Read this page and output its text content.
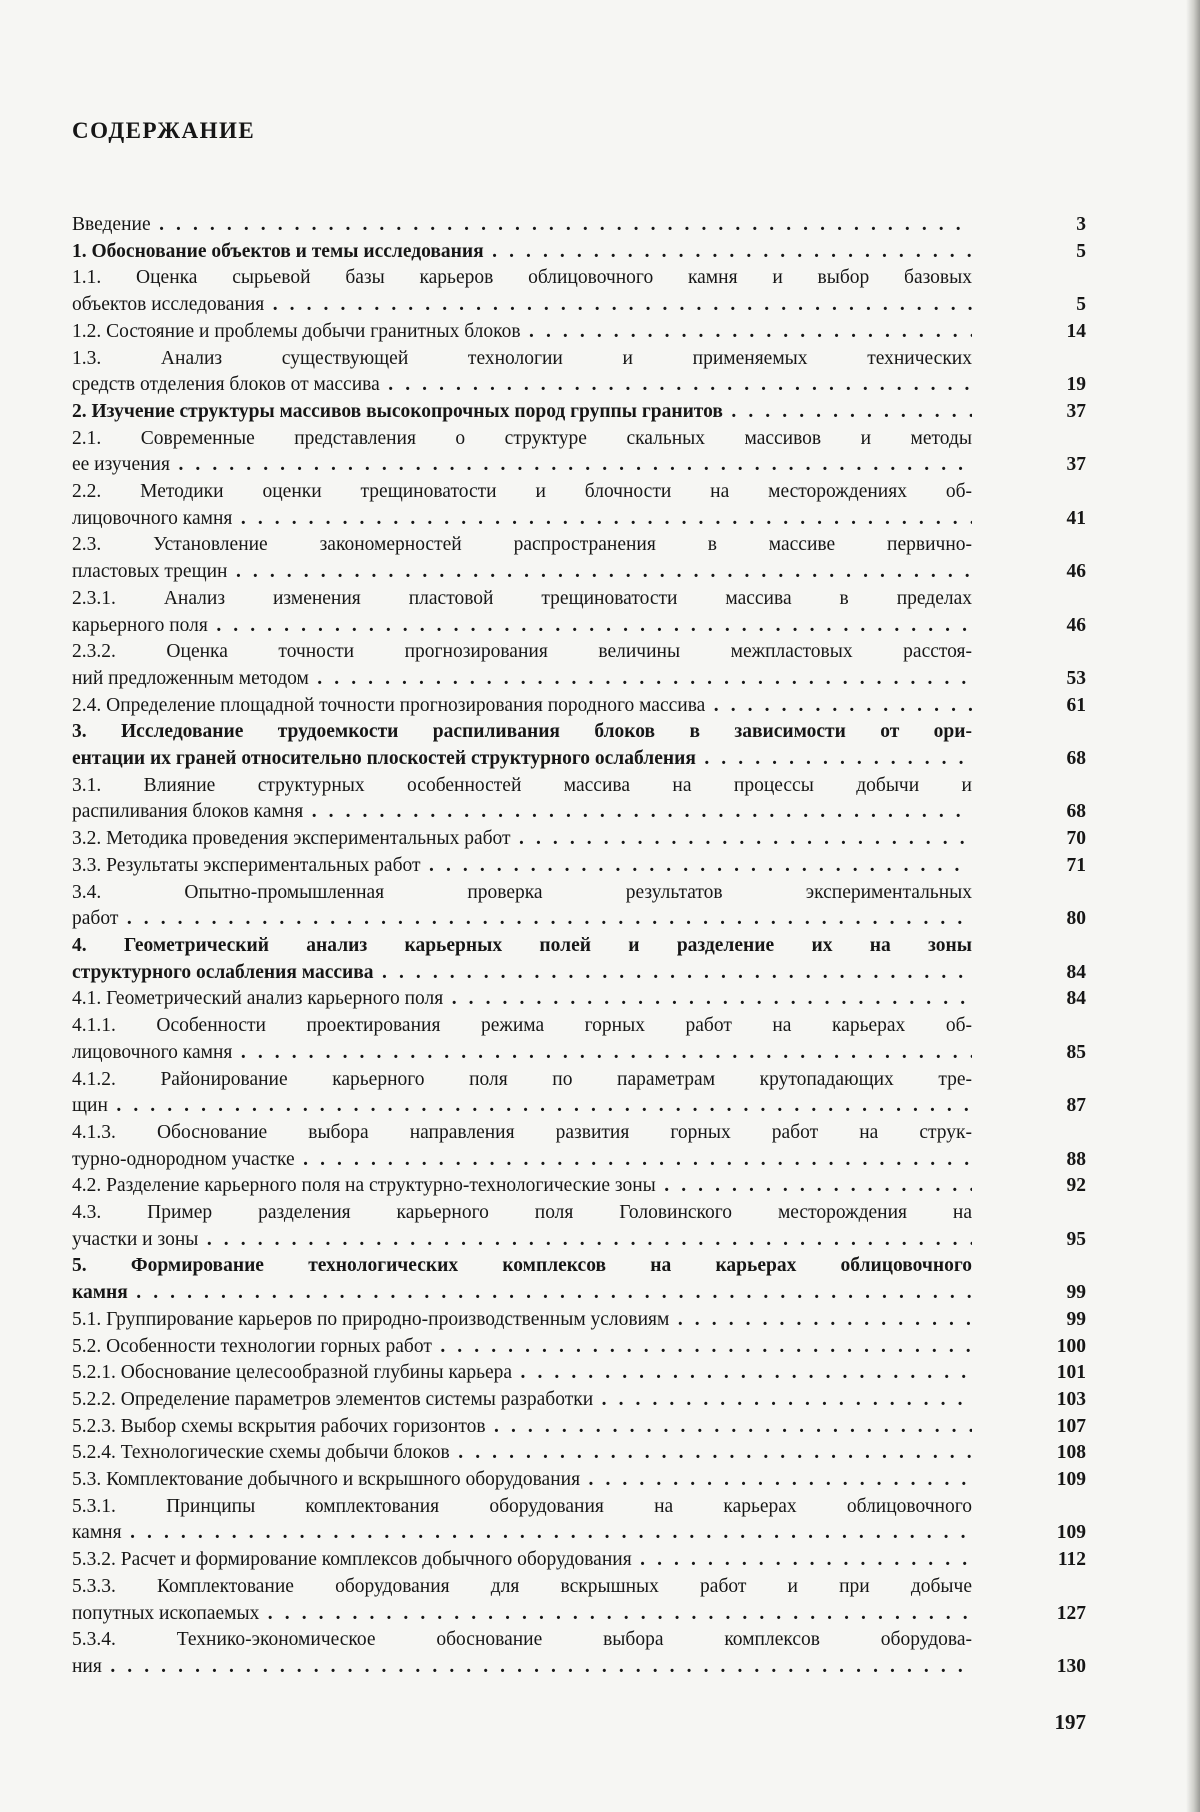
СОДЕРЖАНИЕ
Введение . . .	3
1. Обоснование объектов и темы исследования . . .	5
1.1. Оценка сырьевой базы карьеров облицовочного камня и выбор базовых
объектов исследования . . .	5
1.2. Состояние и проблемы добычи гранитных блоков . . .	14
1.3. Анализ существующей технологии и применяемых технических
средств отделения блоков от массива . . .	19
2. Изучение структуры массивов высокопрочных пород группы гранитов . . .	37
2.1. Современные представления о структуре скальных массивов и методы
ее изучения . . .	37
2.2. Методики оценки трещиноватости и блочности на месторождениях об-
лицовочного камня . . .	41
2.3. Установление закономерностей распространения в массиве первично-
пластовых трещин . . .	46
2.3.1. Анализ изменения пластовой трещиноватости массива в пределах
карьерного поля . . .	46
2.3.2. Оценка точности прогнозирования величины межпластовых расстоя-
ний предложенным методом . . .	53
2.4. Определение площадной точности прогнозирования породного массива . . .	61
3. Исследование трудоемкости распиливания блоков в зависимости от ори-
ентации их граней относительно плоскостей структурного ослабления . . .	68
3.1. Влияние структурных особенностей массива на процессы добычи и
распиливания блоков камня . . .	68
3.2. Методика проведения экспериментальных работ . . .	70
3.3. Результаты экспериментальных работ . . .	71
3.4. Опытно-промышленная проверка результатов экспериментальных
работ . . .	80
4. Геометрический анализ карьерных полей и разделение их на зоны
структурного ослабления массива . . .	84
4.1. Геометрический анализ карьерного поля . . .	84
4.1.1. Особенности проектирования режима горных работ на карьерах об-
лицовочного камня . . .	85
4.1.2. Районирование карьерного поля по параметрам крутопадающих тре-
щин . . .	87
4.1.3. Обоснование выбора направления развития горных работ на струк-
турно-однородном участке . . .	88
4.2. Разделение карьерного поля на структурно-технологические зоны . . .	92
4.3. Пример разделения карьерного поля Головинского месторождения на
участки и зоны . . .	95
5. Формирование технологических комплексов на карьерах облицовочного
камня . . .	99
5.1. Группирование карьеров по природно-производственным условиям . . .	99
5.2. Особенности технологии горных работ . . .	100
5.2.1. Обоснование целесообразной глубины карьера . . .	101
5.2.2. Определение параметров элементов системы разработки . . .	103
5.2.3. Выбор схемы вскрытия рабочих горизонтов . . .	107
5.2.4. Технологические схемы добычи блоков . . .	108
5.3. Комплектование добычного и вскрышного оборудования . . .	109
5.3.1. Принципы комплектования оборудования на карьерах облицовочного
камня . . .	109
5.3.2. Расчет и формирование комплексов добычного оборудования . . .	112
5.3.3. Комплектование оборудования для вскрышных работ и при добыче
попутных ископаемых . . .	127
5.3.4. Технико-экономическое обоснование выбора комплексов оборудова-
ния . . .	130
197
